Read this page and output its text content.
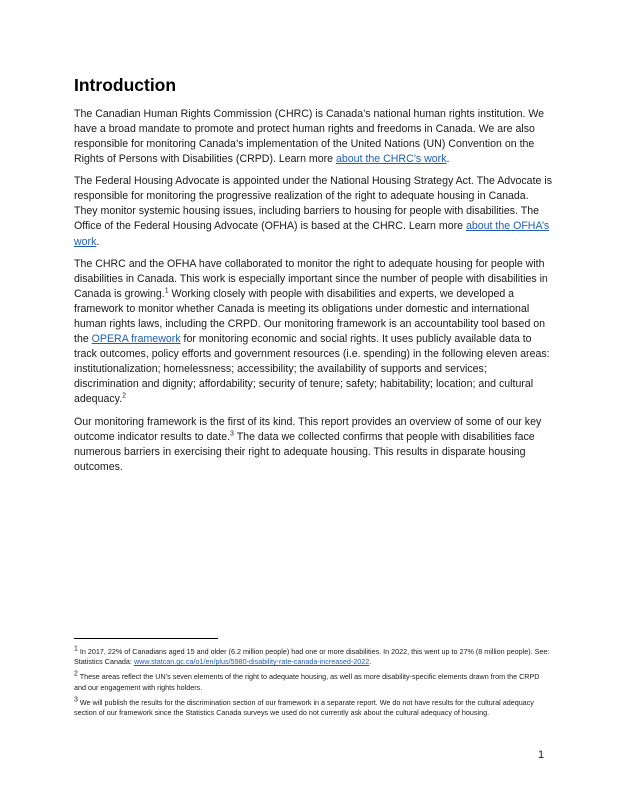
Introduction

The Canadian Human Rights Commission (CHRC) is Canada’s national human rights institution. We have a broad mandate to promote and protect human rights and freedoms in Canada. We are also responsible for monitoring Canada’s implementation of the United Nations (UN) Convention on the Rights of Persons with Disabilities (CRPD). Learn more about the CHRC’s work.

The Federal Housing Advocate is appointed under the National Housing Strategy Act. The Advocate is responsible for monitoring the progressive realization of the right to adequate housing in Canada. They monitor systemic housing issues, including barriers to housing for people with disabilities. The Office of the Federal Housing Advocate (OFHA) is based at the CHRC. Learn more about the OFHA’s work.

The CHRC and the OFHA have collaborated to monitor the right to adequate housing for people with disabilities in Canada. This work is especially important since the number of people with disabilities in Canada is growing.$^1$ Working closely with people with disabilities and experts, we developed a framework to monitor whether Canada is meeting its obligations under domestic and international human rights laws, including the CRPD. Our monitoring framework is an accountability tool based on the OPERA framework for monitoring economic and social rights. It uses publicly available data to track outcomes, policy efforts and government resources (i.e. spending) in the following eleven areas: institutionalization; homelessness; accessibility; the availability of supports and services; discrimination and dignity; affordability; security of tenure; safety; habitability; location; and cultural adequacy.$^2$

Our monitoring framework is the first of its kind. This report provides an overview of some of our key outcome indicator results to date.$^3$ The data we collected confirms that people with disabilities face numerous barriers in exercising their right to adequate housing. This results in disparate housing outcomes.

$^1$ In 2017, 22% of Canadians aged 15 and older (6.2 million people) had one or more disabilities. In 2022, this went up to 27% (8 million people). See: Statistics Canada: www.statcan.gc.ca/o1/en/plus/5980-disability-rate-canada-increased-2022.

$^2$ These areas reflect the UN’s seven elements of the right to adequate housing, as well as more disability-specific elements drawn from the CRPD and our engagement with rights holders.

$^3$ We will publish the results for the discrimination section of our framework in a separate report. We do not have results for the cultural adequacy section of our framework since the Statistics Canada surveys we used do not currently ask about the cultural adequacy of housing.

1
